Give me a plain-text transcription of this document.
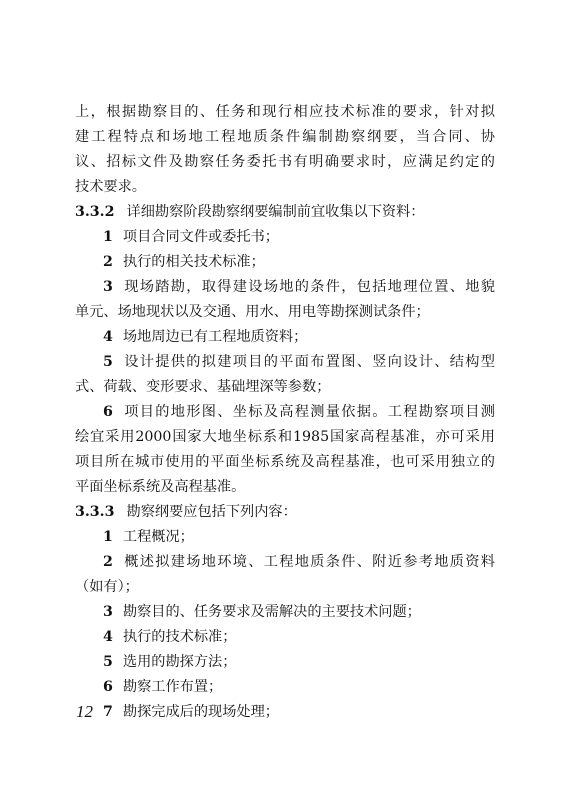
上，根据勘察目的、任务和现行相应技术标准的要求，针对拟
建工程特点和场地工程地质条件编制勘察纲要，当合同、协
议、招标文件及勘察任务委托书有明确要求时，应满足约定的
技术要求。
3.3.2 详细勘察阶段勘察纲要编制前宜收集以下资料：
1 项目合同文件或委托书；
2 执行的相关技术标准；
3 现场踏勘，取得建设场地的条件，包括地理位置、地貌
单元、场地现状以及交通、用水、用电等勘探测试条件；
4 场地周边已有工程地质资料；
5 设计提供的拟建项目的平面布置图、竖向设计、结构型
式、荷载、变形要求、基础埋深等参数；
6 项目的地形图、坐标及高程测量依据。工程勘察项目测
绘宜采用2000国家大地坐标系和1985国家高程基准，亦可采用
项目所在城市使用的平面坐标系统及高程基准，也可采用独立的
平面坐标系统及高程基准。
3.3.3 勘察纲要应包括下列内容：
1 工程概况；
2 概述拟建场地环境、工程地质条件、附近参考地质资料
（如有）；
3 勘察目的、任务要求及需解决的主要技术问题；
4 执行的技术标准；
5 选用的勘探方法；
6 勘察工作布置；
7 勘探完成后的现场处理；
12
